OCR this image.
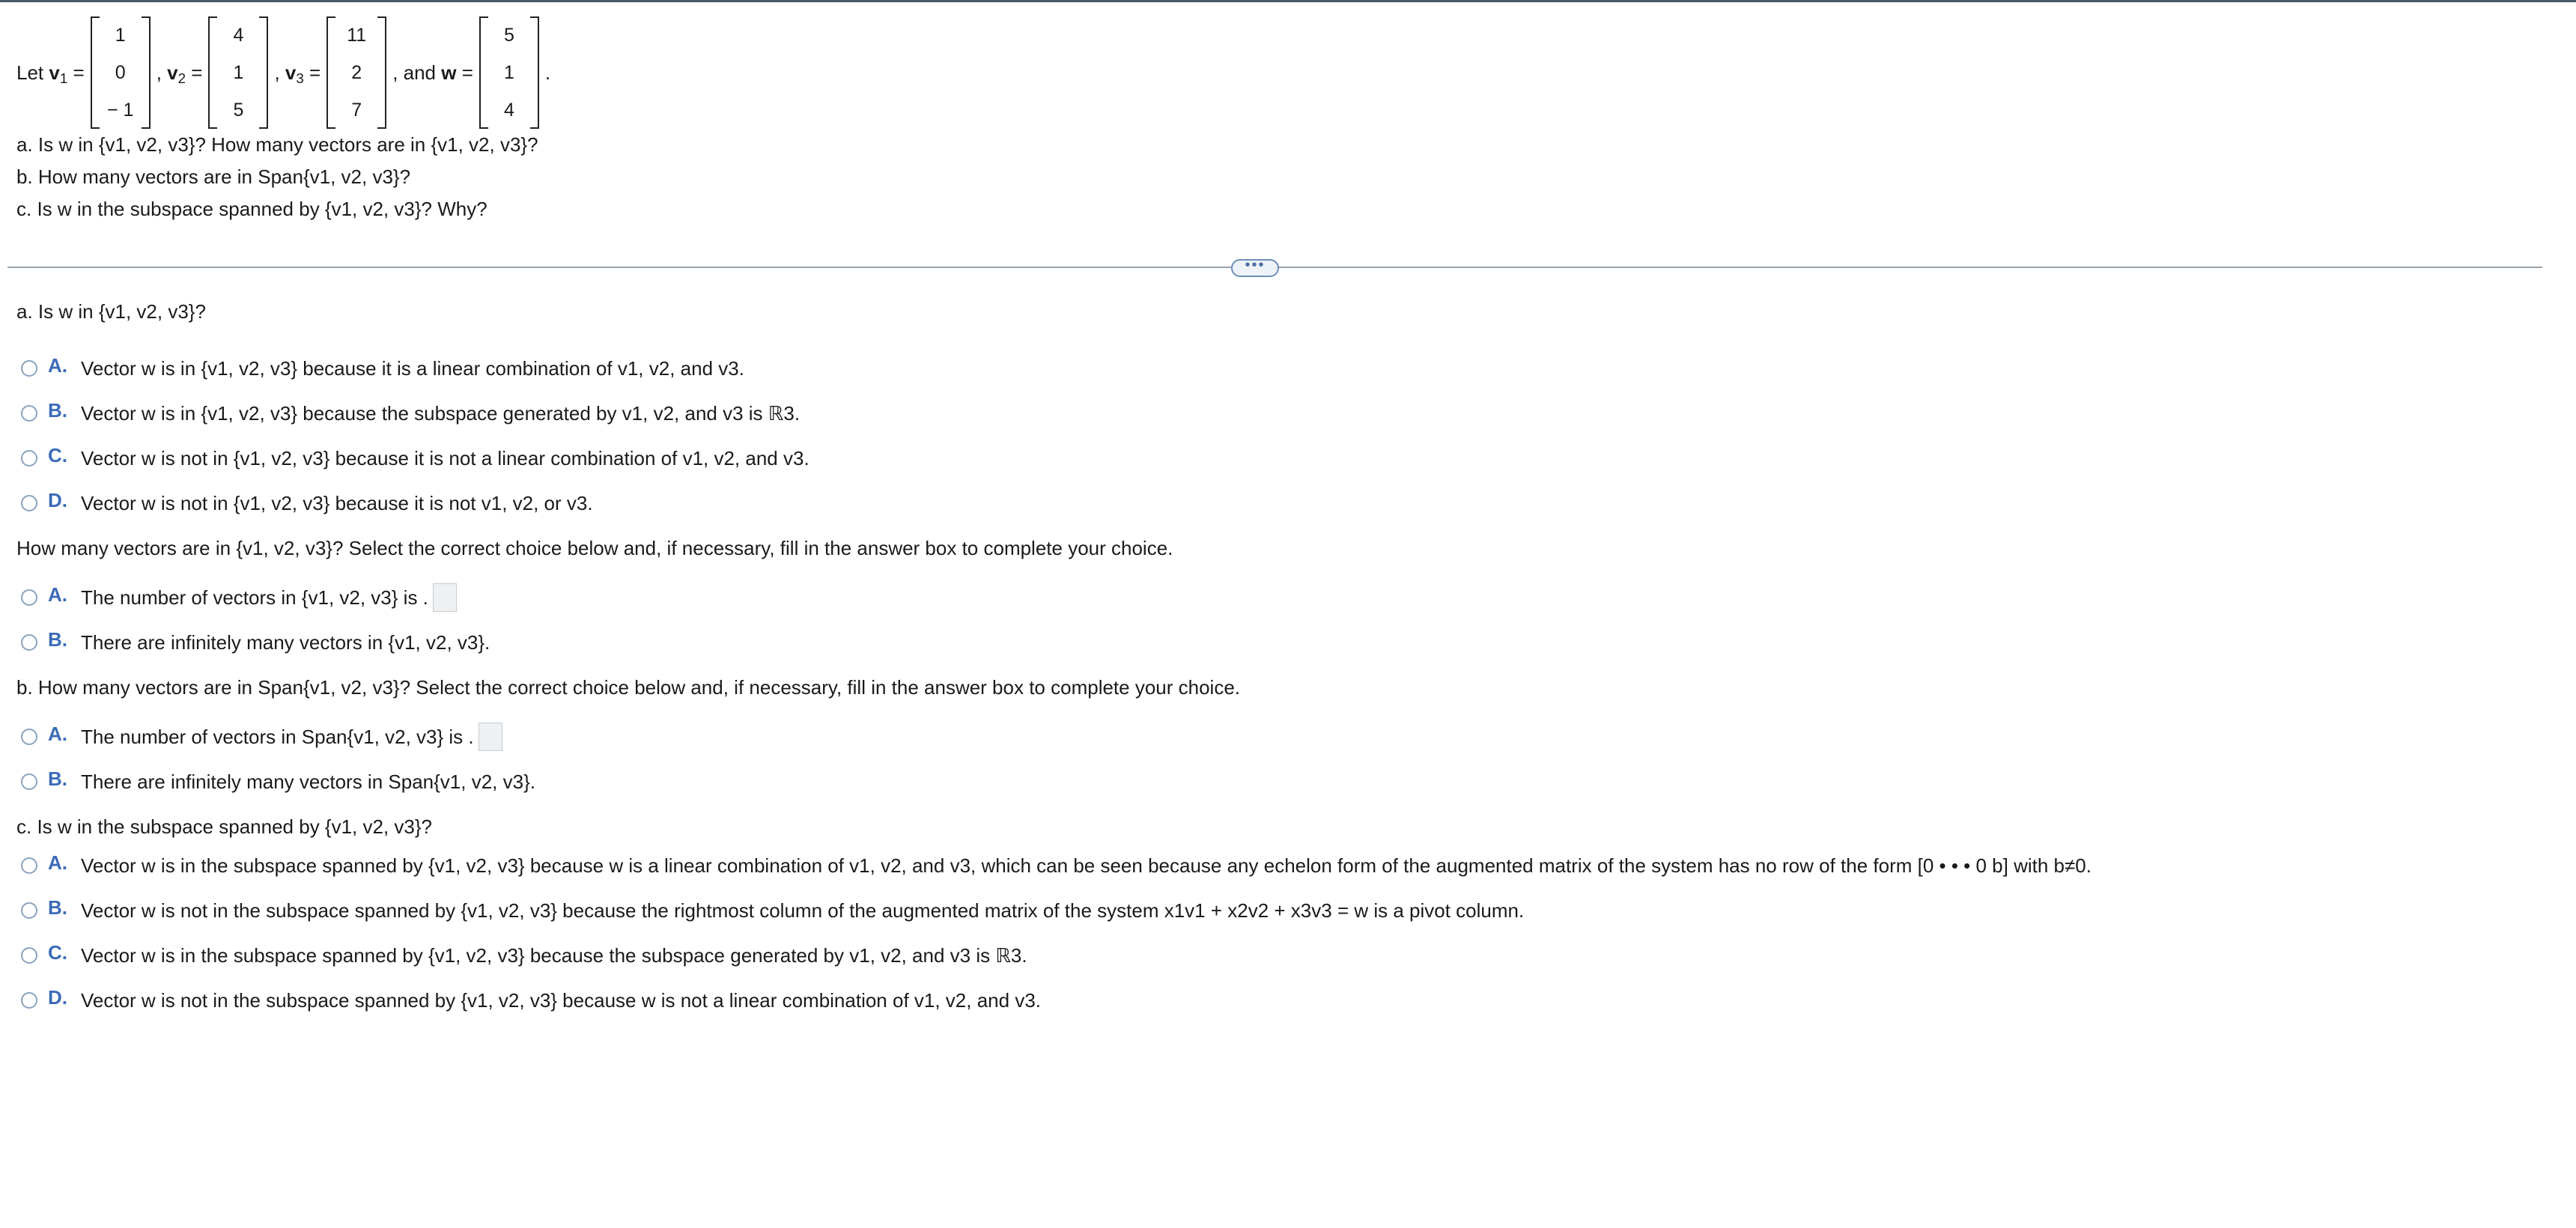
Let $v_1$ =
1
0
− 1
, $v_2$ =
4
1
5
, $v_3$ =
11
2
7
, and w =
5
1
4
.
a. Is w in {v1, v2, v3}? How many vectors are in {v1, v2, v3}?
b. How many vectors are in Span{v1, v2, v3}?
c. Is w in the subspace spanned by {v1, v2, v3}? Why?
•••
a. Is w in {v1, v2, v3}?
A. Vector w is in {v1, v2, v3} because it is a linear combination of v1, v2, and v3.
B. Vector w is in {v1, v2, v3} because the subspace generated by v1, v2, and v3 is ℝ3.
C. Vector w is not in {v1, v2, v3} because it is not a linear combination of v1, v2, and v3.
D. Vector w is not in {v1, v2, v3} because it is not v1, v2, or v3.
How many vectors are in {v1, v2, v3}? Select the correct choice below and, if necessary, fill in the answer box to complete your choice.
A. The number of vectors in {v1, v2, v3} is .
B. There are infinitely many vectors in {v1, v2, v3}.
b. How many vectors are in Span{v1, v2, v3}? Select the correct choice below and, if necessary, fill in the answer box to complete your choice.
A. The number of vectors in Span{v1, v2, v3} is .
B. There are infinitely many vectors in Span{v1, v2, v3}.
c. Is w in the subspace spanned by {v1, v2, v3}?
A. Vector w is in the subspace spanned by {v1, v2, v3} because w is a linear combination of v1, v2, and v3, which can be seen because any echelon form of the augmented matrix of the system has no row of the form [0 • • • 0 b] with b≠0.
B. Vector w is not in the subspace spanned by {v1, v2, v3} because the rightmost column of the augmented matrix of the system x1v1 + x2v2 + x3v3 = w is a pivot column.
C. Vector w is in the subspace spanned by {v1, v2, v3} because the subspace generated by v1, v2, and v3 is ℝ3.
D. Vector w is not in the subspace spanned by {v1, v2, v3} because w is not a linear combination of v1, v2, and v3.
